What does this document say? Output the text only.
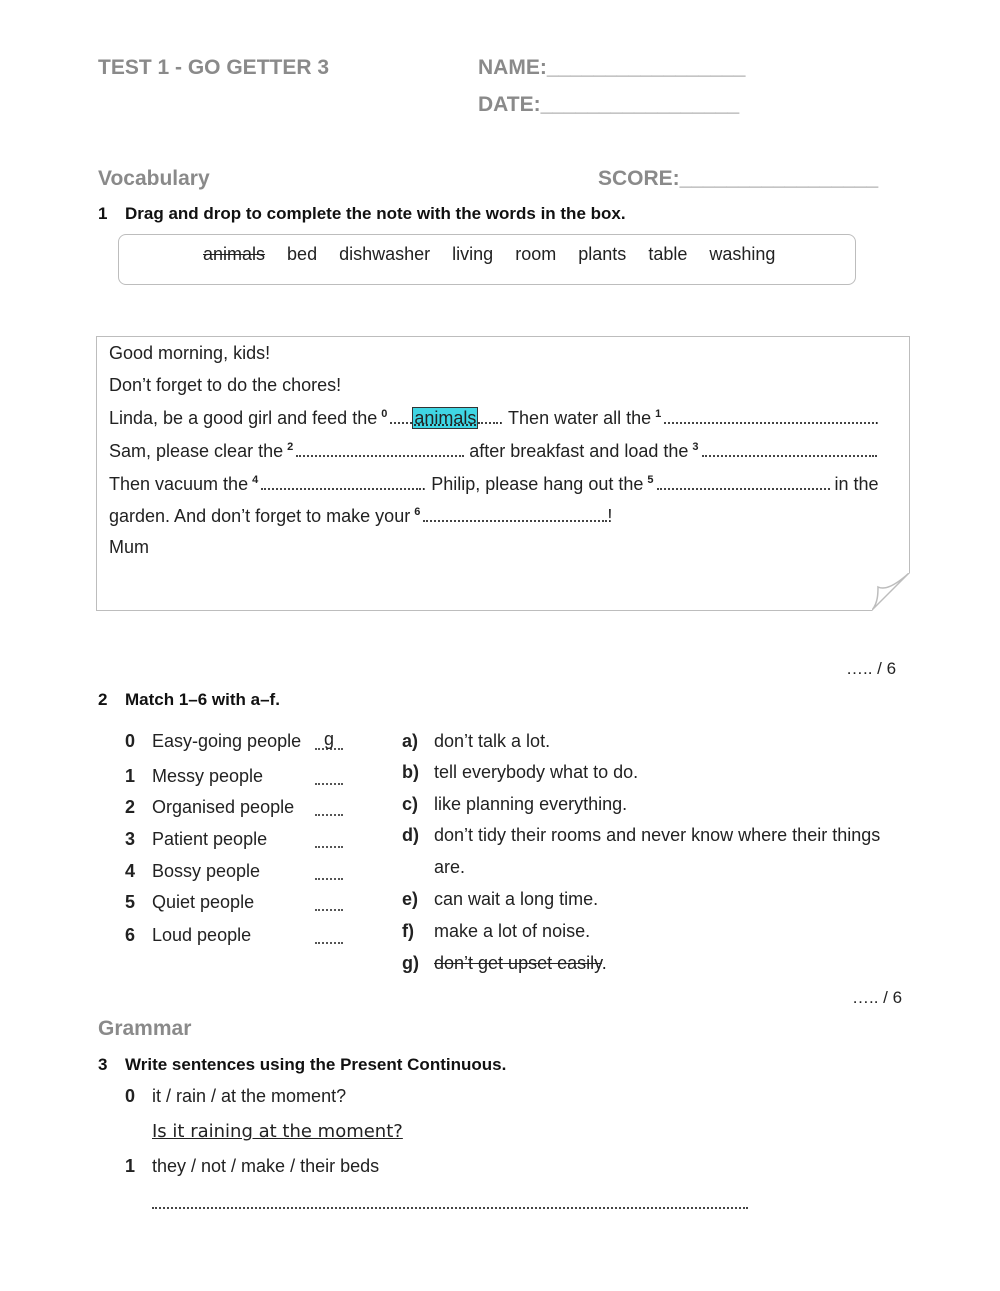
TEST 1 - GO GETTER 3	NAME:_________________
DATE:_________________
Vocabulary	SCORE:_________________
1 Drag and drop to complete the note with the words in the box.
animals bed dishwasher living room plants table washing
Good morning, kids!
Don’t forget to do the chores!
Linda, be a good girl and feed the $^0$ animals . Then water all the $^1$	.
Sam, please clear the $^2$	after breakfast and load the $^3$	.
Then vacuum the $^4$	. Philip, please hang out the $^5$	in the
garden. And don’t forget to make your $^6$	!
Mum
….. / 6
2 Match 1–6 with a–f.
0 Easy-going people	g
1 Messy people
2 Organised people
3 Patient people
4 Bossy people
5 Quiet people
6 Loud people
a) don’t talk a lot.
b) tell everybody what to do.
c) like planning everything.
d) don’t tidy their rooms and never know where their things
are.
e) can wait a long time.
f) make a lot of noise.
g) don’t get upset easily.
….. / 6
Grammar
3 Write sentences using the Present Continuous.
0 it / rain / at the moment?
Is it raining at the moment?
1 they / not / make / their beds
